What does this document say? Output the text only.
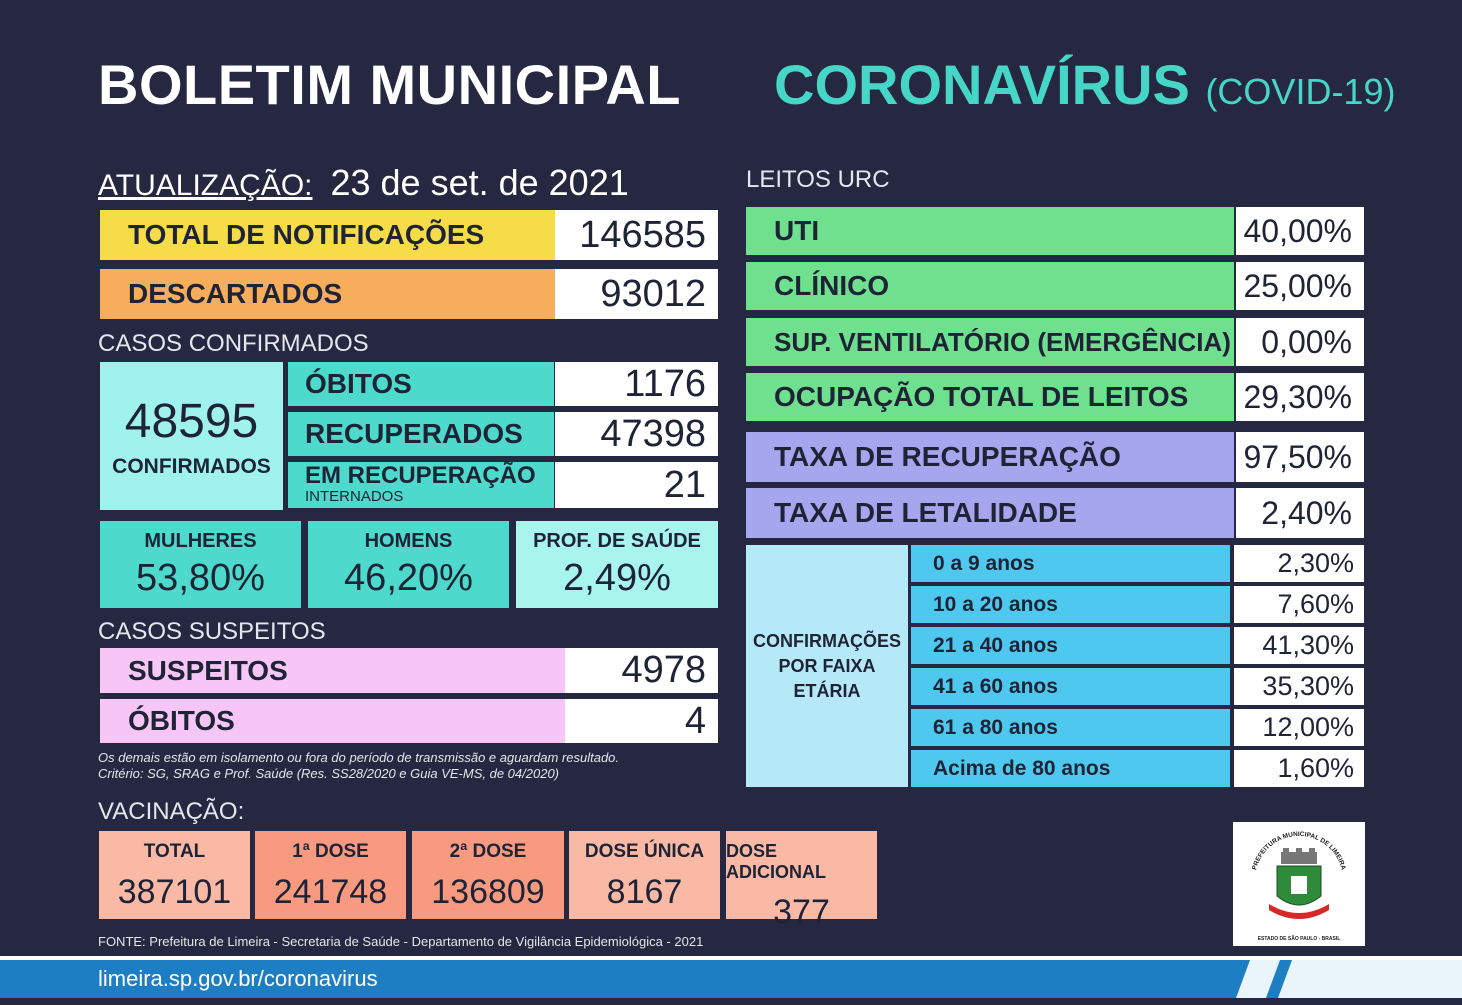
BOLETIM MUNICIPAL CORONAVÍRUS (COVID-19)
ATUALIZAÇÃO: 23 de set. de 2021
TOTAL DE NOTIFICAÇÕES	146585
DESCARTADOS	93012
CASOS CONFIRMADOS
48595
CONFIRMADOS
ÓBITOS	1176
RECUPERADOS	47398
EM RECUPERAÇÃO
INTERNADOS	21
MULHERES
53,80%
HOMENS
46,20%
PROF. DE SAÚDE
2,49%
CASOS SUSPEITOS
SUSPEITOS	4978
ÓBITOS	4
Os demais estão em isolamento ou fora do período de transmissão e aguardam resultado.
Critério: SG, SRAG e Prof. Saúde (Res. SS28/2020 e Guia VE-MS, de 04/2020)
VACINAÇÃO:
TOTAL
387101
1ª DOSE
241748
2ª DOSE
136809
DOSE ÚNICA
8167
DOSE ADICIONAL
377
FONTE: Prefeitura de Limeira - Secretaria de Saúde - Departamento de Vigilância Epidemiológica - 2021
LEITOS URC
UTI	40,00%
CLÍNICO	25,00%
SUP. VENTILATÓRIO (EMERGÊNCIA) 0,00%
OCUPAÇÃO TOTAL DE LEITOS	29,30%
TAXA DE RECUPERAÇÃO	97,50%
TAXA DE LETALIDADE	2,40%
CONFIRMAÇÕES
POR FAIXA
ETÁRIA
0 a 9 anos	2,30%
10 a 20 anos	7,60%
21 a 40 anos	41,30%
41 a 60 anos	35,30%
61 a 80 anos	12,00%
Acima de 80 anos	1,60%
PREFEITURA MUNICIPAL DE LIMEIRA
ESTADO DE SÃO PAULO - BRASIL
limeira.sp.gov.br/coronavirus
